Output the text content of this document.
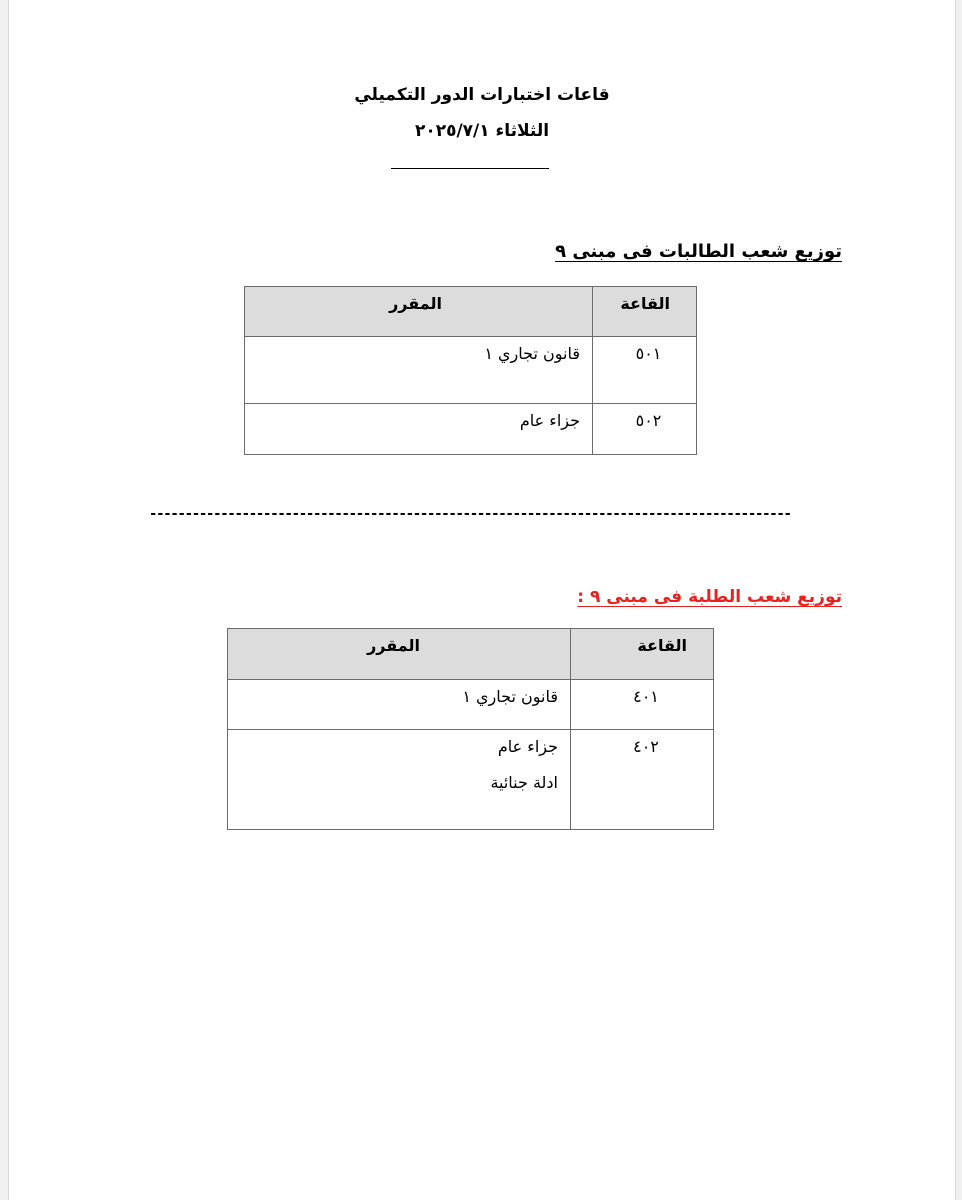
قاعات اختبارات الدور التكميلي
الثلاثاء ٢٠٢٥/٧/١
توزيع شعب الطالبات فى مبنى ٩
القاعة	المقرر

٥٠١	قانون تجاري ١

٥٠٢	جزاء عام
------------------------------------------------------------------------------------------
توزيع شعب الطلبة فى مبنى ٩ :
القاعة	المقرر

٤٠١	قانون تجاري ١

٤٠٢	جزاء عام
ادلة جنائية
